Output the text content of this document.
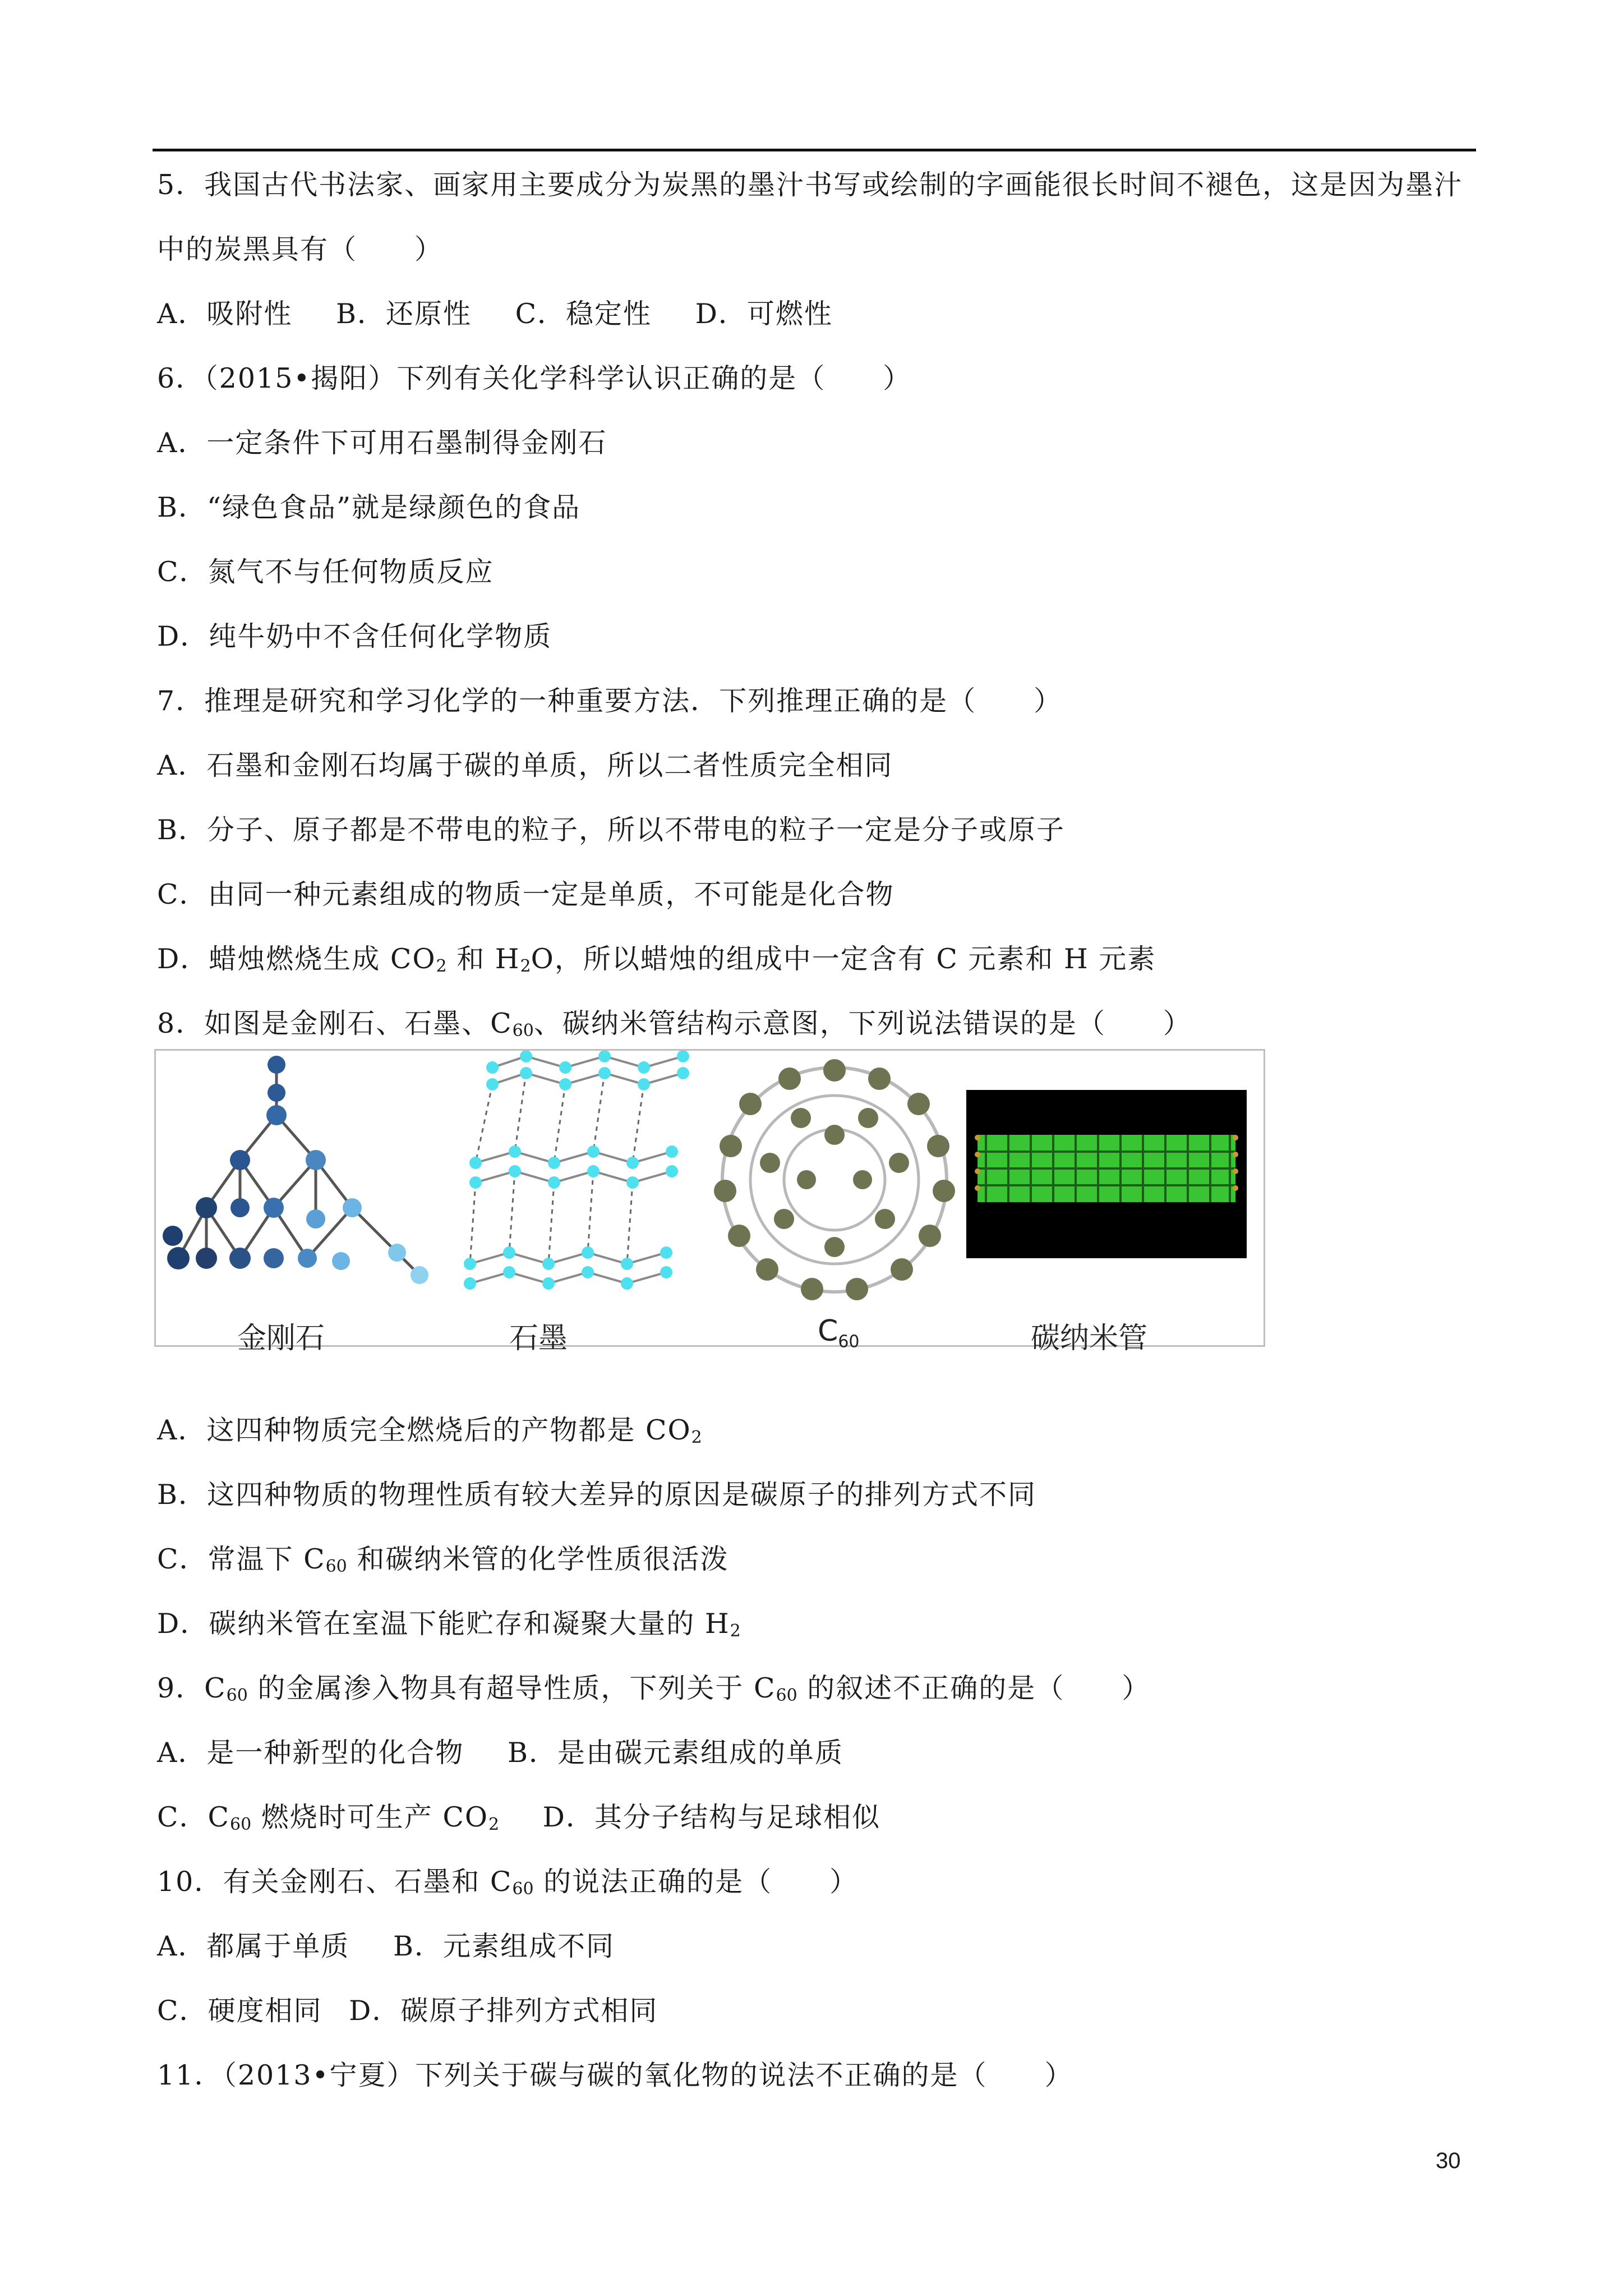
5．我国古代书法家、画家用主要成分为炭黑的墨汁书写或绘制的字画能很长时间不褪色，这是因为墨汁
中的炭黑具有（　　）
A．吸附性 B．还原性 C．稳定性 D．可燃性
6．（2015•揭阳）下列有关化学科学认识正确的是（　　）
A．一定条件下可用石墨制得金刚石
B．“绿色食品”就是绿颜色的食品
C．氮气不与任何物质反应
D．纯牛奶中不含任何化学物质
7．推理是研究和学习化学的一种重要方法．下列推理正确的是（　　）
A．石墨和金刚石均属于碳的单质，所以二者性质完全相同
B．分子、原子都是不带电的粒子，所以不带电的粒子一定是分子或原子
C．由同一种元素组成的物质一定是单质，不可能是化合物
D．蜡烛燃烧生成 $CO_2$ 和 $H_2O$，所以蜡烛的组成中一定含有 C 元素和 H 元素
8．如图是金刚石、石墨、$C_{60}$、碳纳米管结构示意图，下列说法错误的是（　　）
金刚石	石墨	$C_{60}$	碳纳米管
A．这四种物质完全燃烧后的产物都是 $CO_2$
B．这四种物质的物理性质有较大差异的原因是碳原子的排列方式不同
C．常温下 $C_{60}$ 和碳纳米管的化学性质很活泼
D．碳纳米管在室温下能贮存和凝聚大量的 $H_2$
9．$C_{60}$ 的金属渗入物具有超导性质，下列关于 $C_{60}$ 的叙述不正确的是（　　）
A．是一种新型的化合物 B．是由碳元素组成的单质
C．$C_{60}$ 燃烧时可生产 $CO_2$ D．其分子结构与足球相似
10．有关金刚石、石墨和 $C_{60}$ 的说法正确的是（　　）
A．都属于单质 B．元素组成不同
C．硬度相同 D．碳原子排列方式相同
11．（2013•宁夏）下列关于碳与碳的氧化物的说法不正确的是（　　）
30
